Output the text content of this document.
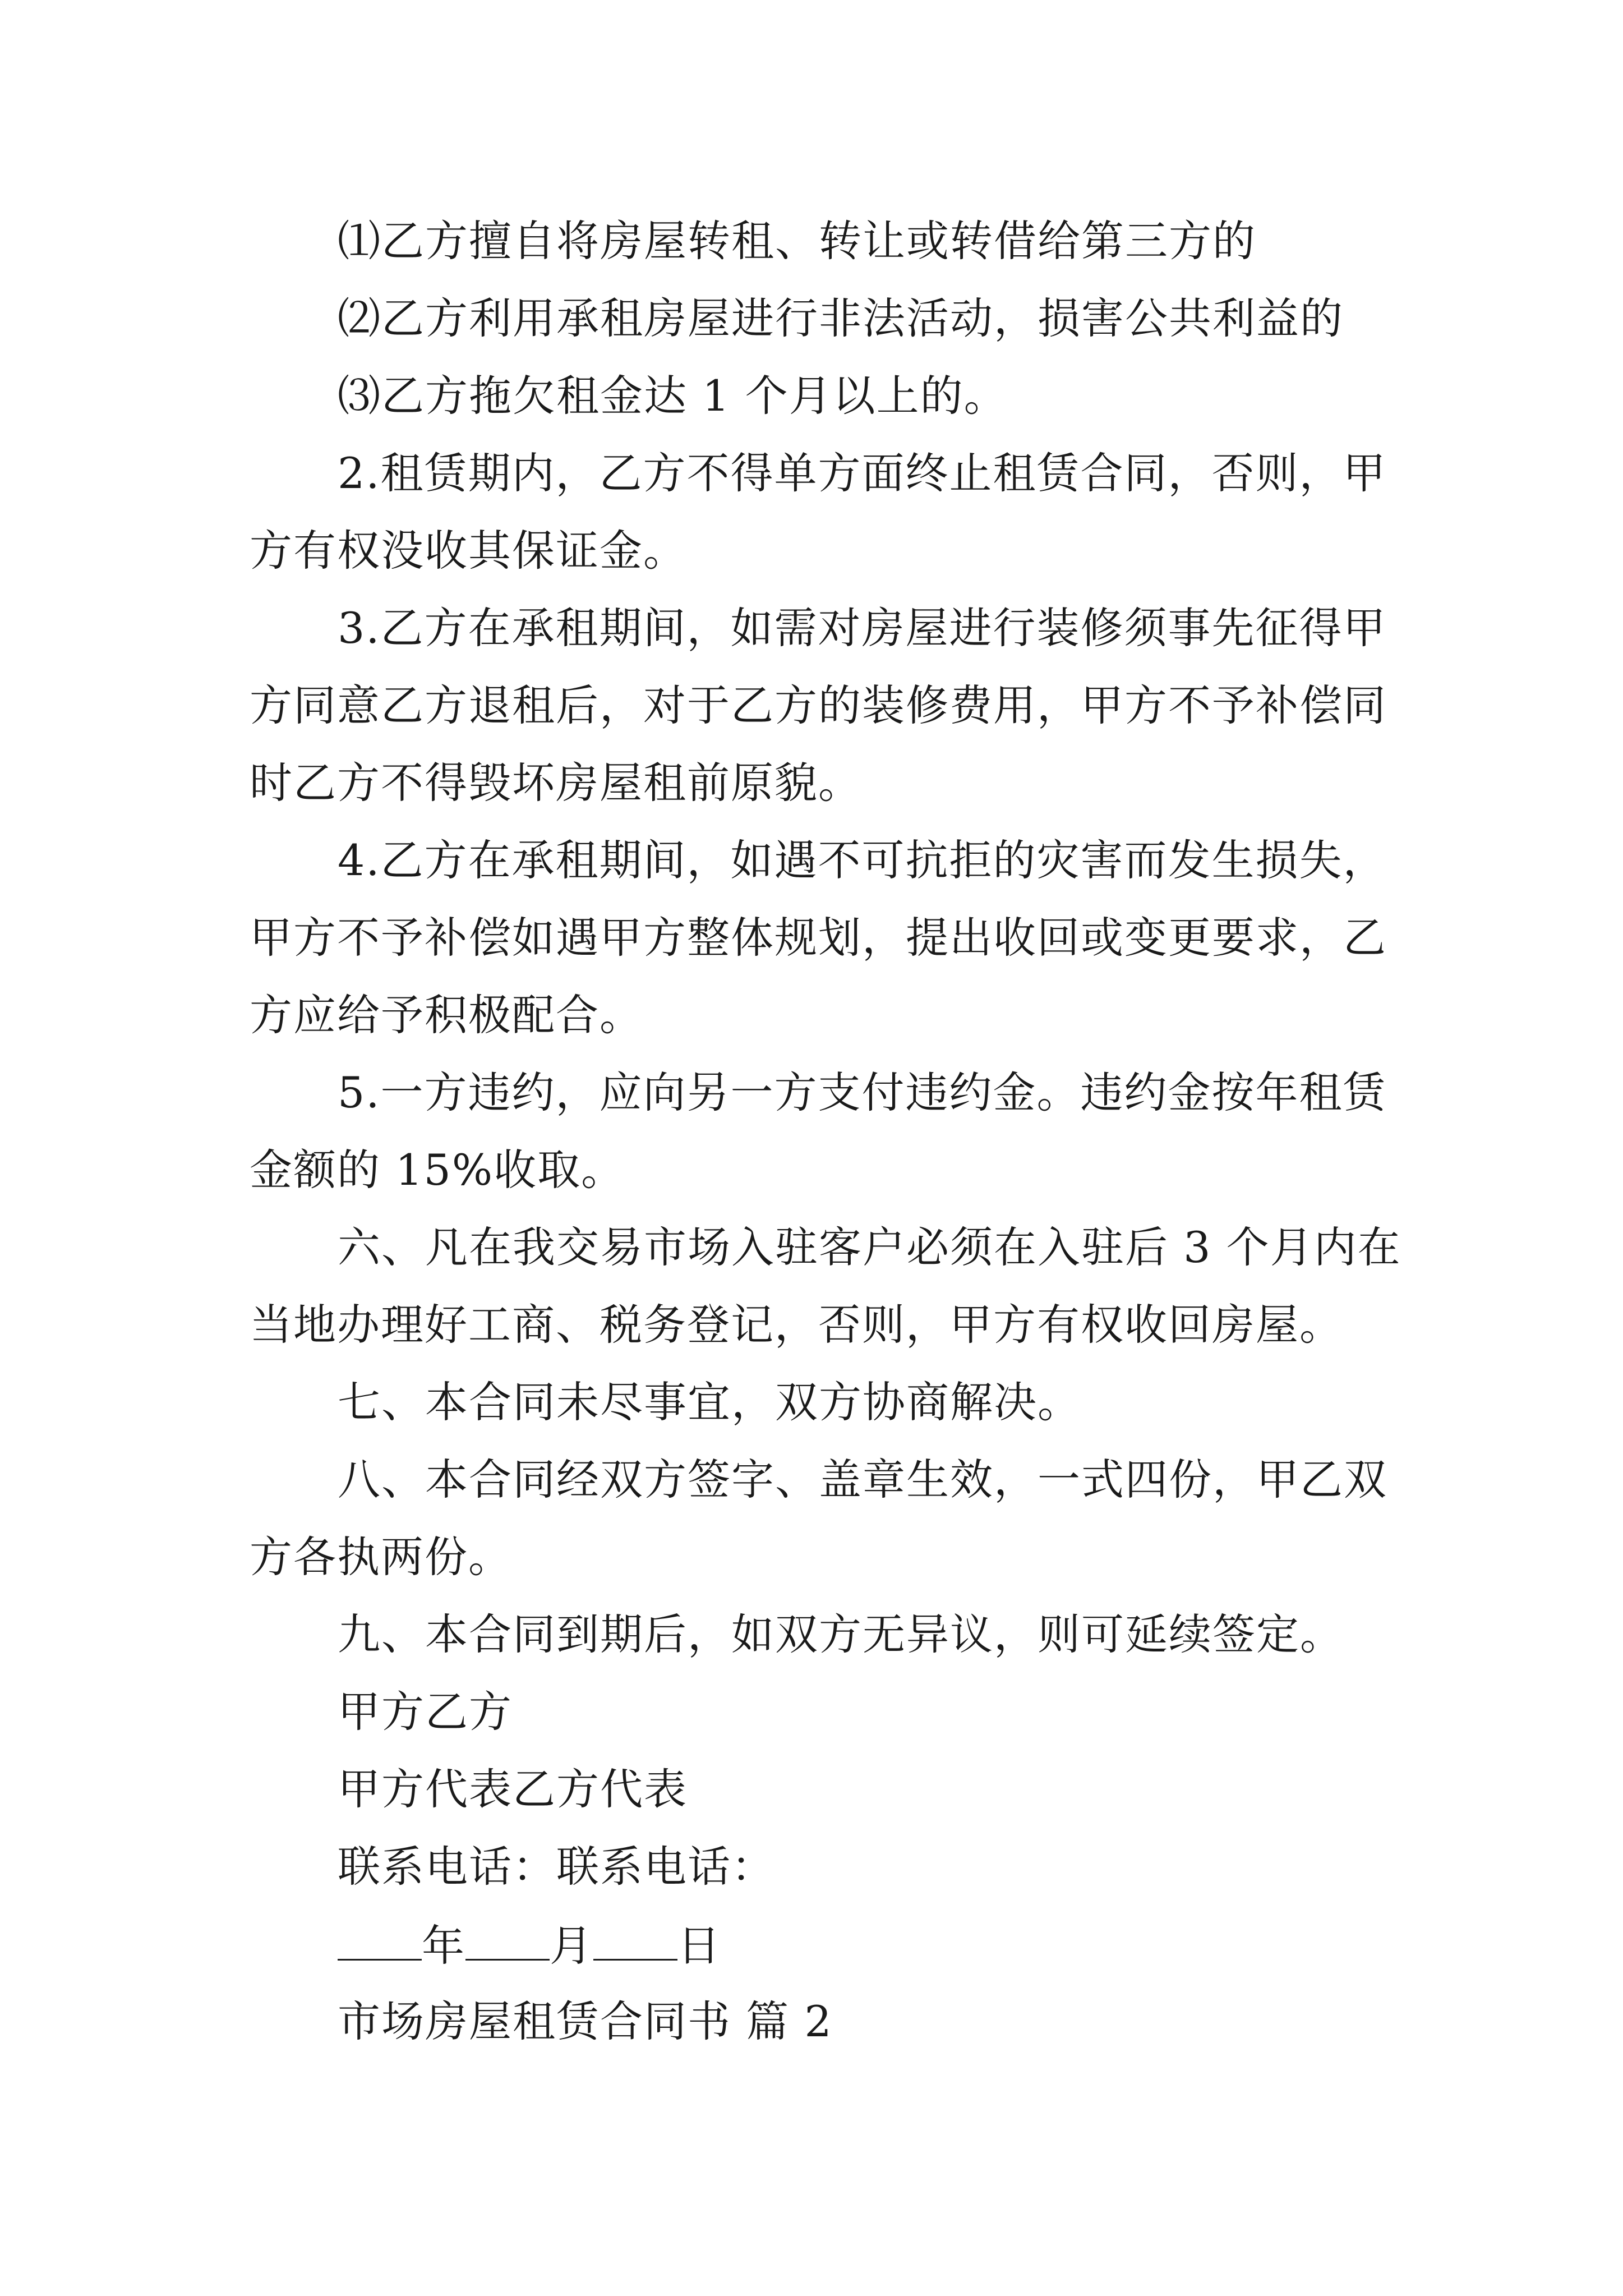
⑴乙方擅自将房屋转租、转让或转借给第三方的
⑵乙方利用承租房屋进行非法活动，损害公共利益的
⑶乙方拖欠租金达 1 个月以上的。
2.租赁期内，乙方不得单方面终止租赁合同，否则，甲
方有权没收其保证金。
3.乙方在承租期间，如需对房屋进行装修须事先征得甲
方同意乙方退租后，对于乙方的装修费用，甲方不予补偿同
时乙方不得毁坏房屋租前原貌。
4.乙方在承租期间，如遇不可抗拒的灾害而发生损失，
甲方不予补偿如遇甲方整体规划，提出收回或变更要求，乙
方应给予积极配合。
5.一方违约，应向另一方支付违约金。违约金按年租赁
金额的 15%收取。
六、凡在我交易市场入驻客户必须在入驻后 3 个月内在
当地办理好工商、税务登记，否则，甲方有权收回房屋。
七、本合同未尽事宜，双方协商解决。
八、本合同经双方签字、盖章生效，一式四份，甲乙双
方各执两份。
九、本合同到期后，如双方无异议，则可延续签定。
甲方乙方
甲方代表乙方代表
联系电话：联系电话：
年 月 日
市场房屋租赁合同书 篇 2
